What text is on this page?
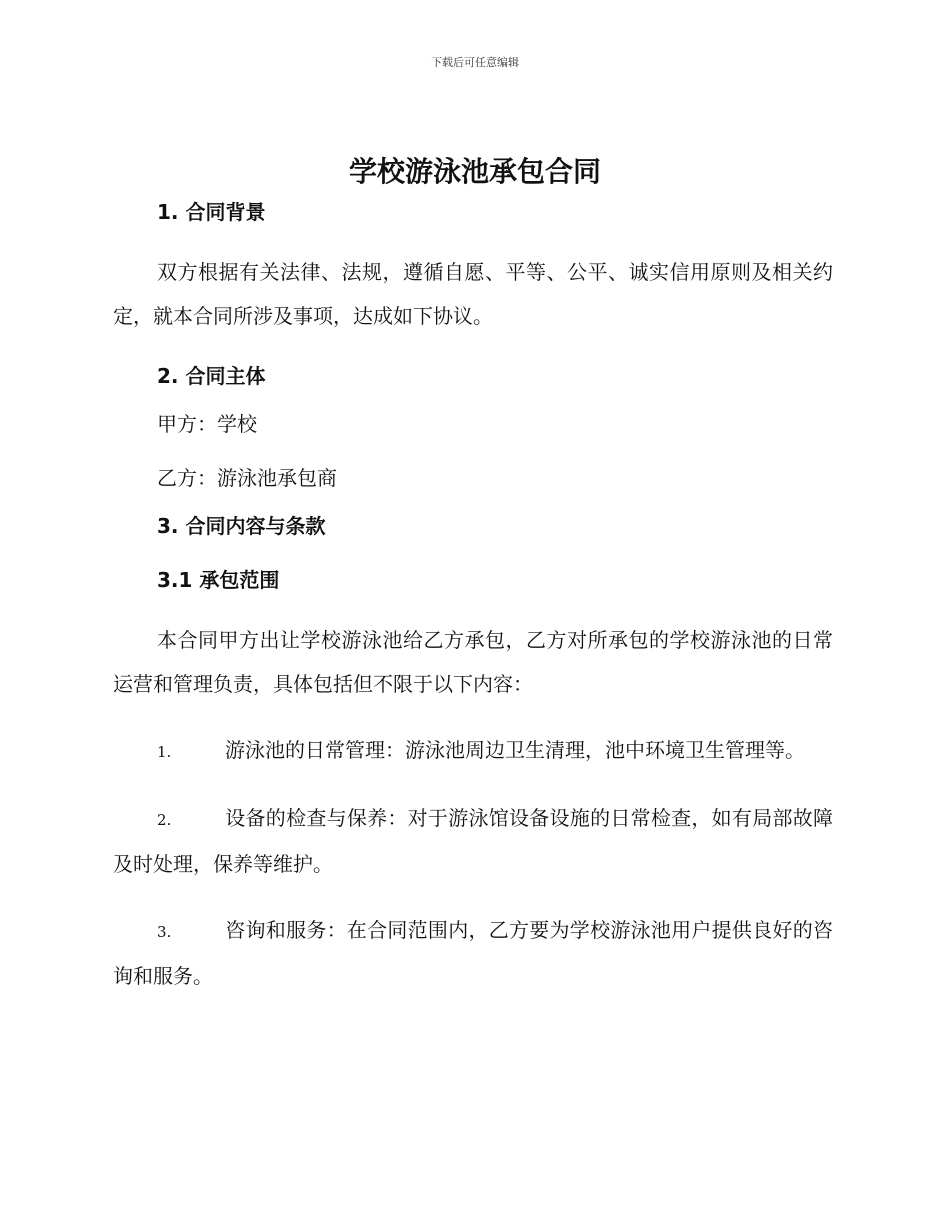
下载后可任意编辑
学校游泳池承包合同

1. 合同背景

双方根据有关法律、法规，遵循自愿、平等、公平、诚实信用原则及相关约定，就本合同所涉及事项，达成如下协议。

2. 合同主体

甲方：学校

乙方：游泳池承包商

3. 合同内容与条款

3.1 承包范围

本合同甲方出让学校游泳池给乙方承包，乙方对所承包的学校游泳池的日常运营和管理负责，具体包括但不限于以下内容：

1.	游泳池的日常管理：游泳池周边卫生清理，池中环境卫生管理等。

2.	设备的检查与保养：对于游泳馆设备设施的日常检查，如有局部故障及时处理，保养等维护。

3.	咨询和服务：在合同范围内，乙方要为学校游泳池用户提供良好的咨询和服务。
